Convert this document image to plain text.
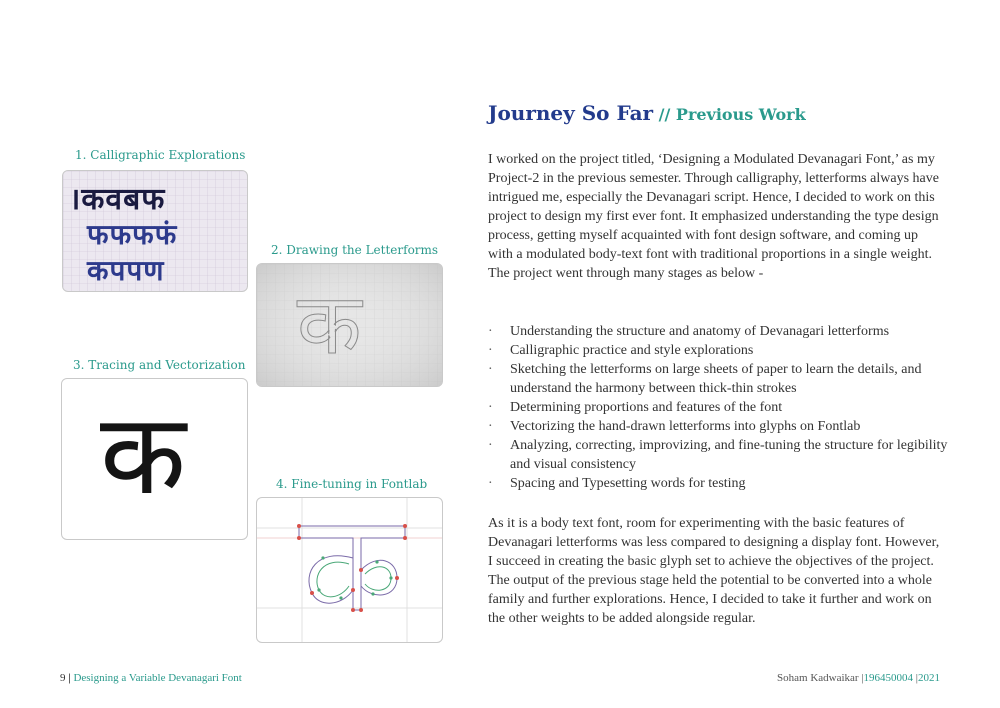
1. Calligraphic Explorations
।कवबफ
फफफफं
कपपण
2. Drawing the Letterforms
क
3. Tracing and Vectorization
क	4. Fine-tuning in Fontlab
Journey So Far // Previous Work

I worked on the project titled, ‘Designing a Modulated Devanagari Font,’ as my Project-2 in the previous semester. Through calligraphy, letterforms always have intrigued me, especially the Devanagari script. Hence, I decided to work on this project to design my first ever font. It emphasized understanding the type design process, getting myself acquainted with font design software, and coming up with a modulated body-text font with traditional proportions in a single weight. The project went through many stages as below -

· Understanding the structure and anatomy of Devanagari letterforms
· Calligraphic practice and style explorations
· Sketching the letterforms on large sheets of paper to learn the details, and understand the harmony between thick-thin strokes
· Determining proportions and features of the font
· Vectorizing the hand-drawn letterforms into glyphs on Fontlab
· Analyzing, correcting, improvizing, and fine-tuning the structure for legibility and visual consistency
· Spacing and Typesetting words for testing

As it is a body text font, room for experimenting with the basic features of Devanagari letterforms was less compared to designing a display font. However, I succeed in creating the basic glyph set to achieve the objectives of the project. The output of the previous stage held the potential to be converted into a whole family and further explorations. Hence, I decided to take it further and work on the other weights to be added alongside regular.

9 | Designing a Variable Devanagari Font	Soham Kadwaikar |196450004 |2021
